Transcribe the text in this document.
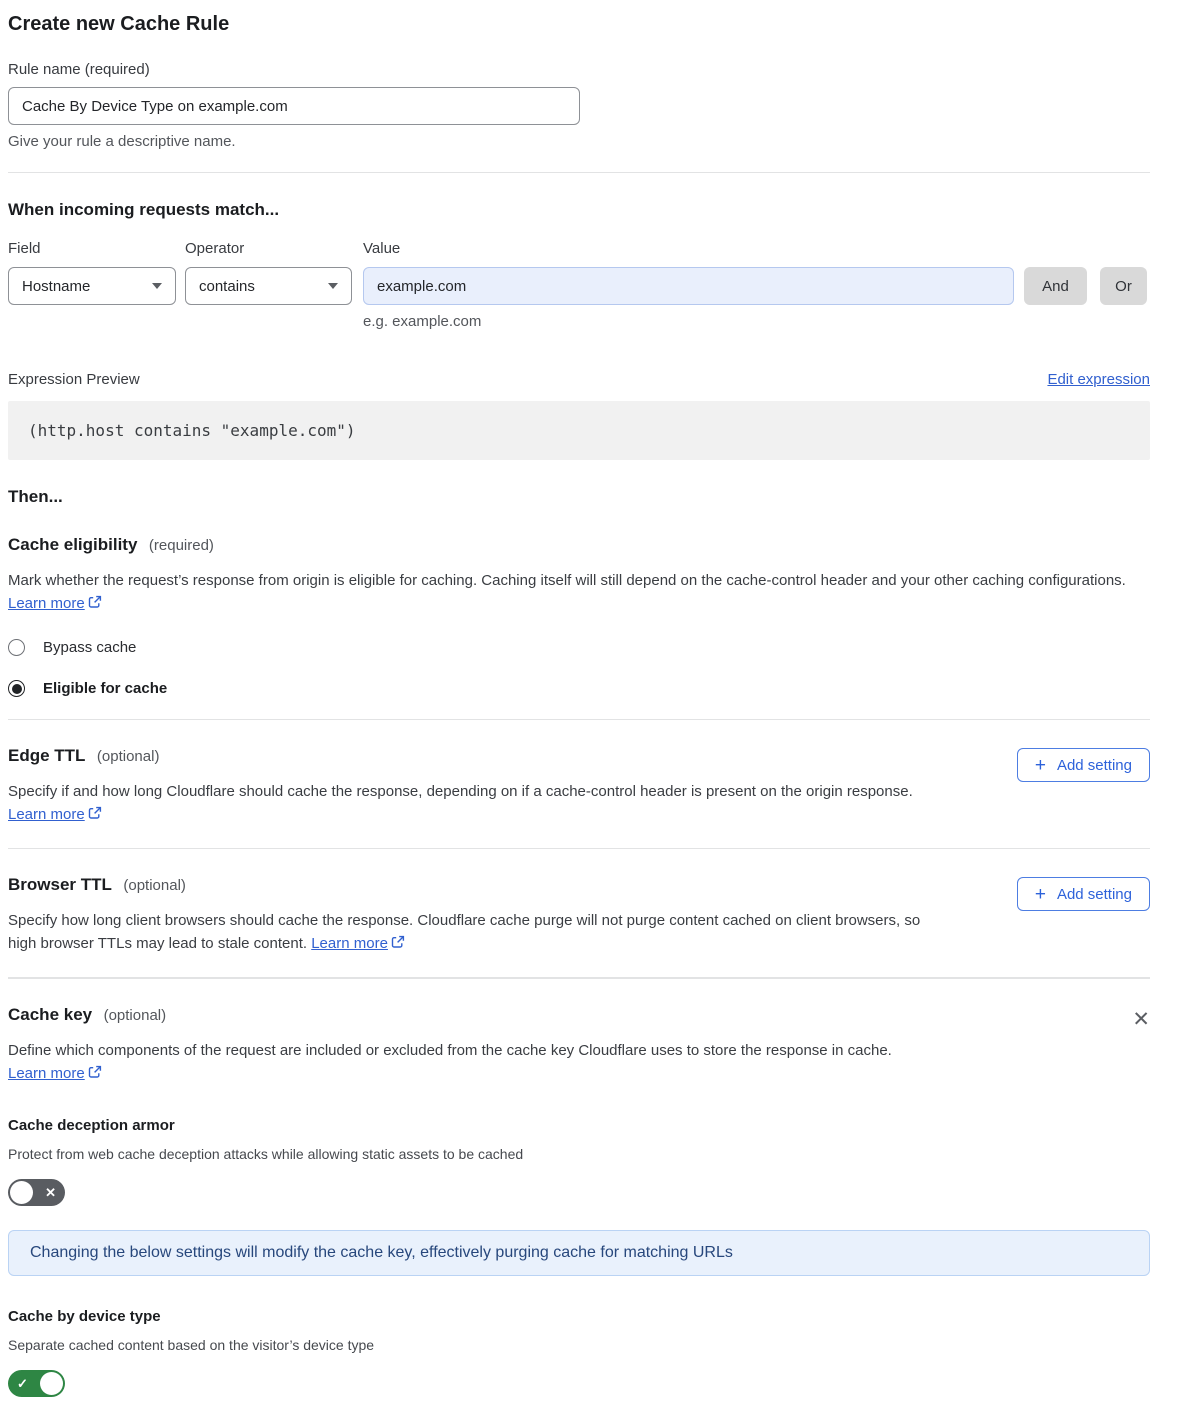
Create new Cache Rule
Rule name (required)
Cache By Device Type on example.com
Give your rule a descriptive name.
When incoming requests match...
Field
Hostname
Operator
contains
Value
example.com
e.g. example.com
And	Or
Expression Preview	Edit expression
(http.host contains "example.com")
Then...
Cache eligibility (required)

Mark whether the request’s response from origin is eligible for caching. Caching itself will still depend on the cache-control header and your other caching configurations. Learn more

Bypass cache
Eligible for cache
Edge TTL (optional)

Specify if and how long Cloudflare should cache the response, depending on if a cache-control header is present on the origin response. Learn more

+ Add setting
Browser TTL (optional)

Specify how long client browsers should cache the response. Cloudflare cache purge will not purge content cached on client browsers, so high browser TTLs may lead to stale content. Learn more

+ Add setting
Cache key (optional)

Define which components of the request are included or excluded from the cache key Cloudflare uses to store the response in cache.
Learn more

✕
Cache deception armor
Protect from web cache deception attacks while allowing static assets to be cached
✕
Changing the below settings will modify the cache key, effectively purging cache for matching URLs
Cache by device type
Separate cached content based on the visitor’s device type
✓
